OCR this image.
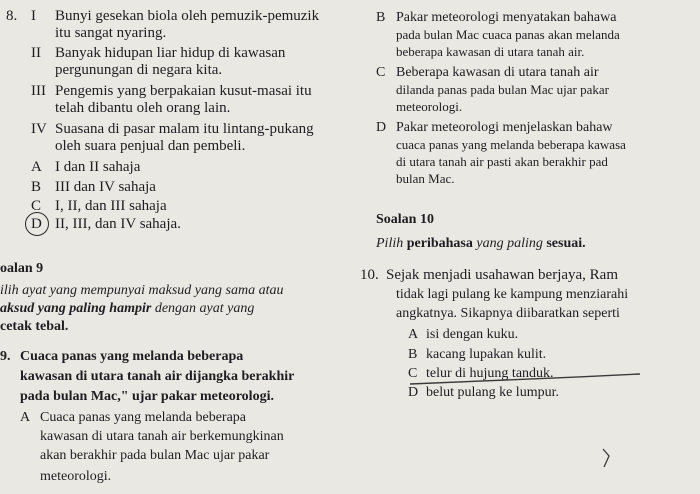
8. I Bunyi gesekan biola oleh pemuzik-pemuzik
itu sangat nyaring.
II Banyak hidupan liar hidup di kawasan
pergunungan di negara kita.
III Pengemis yang berpakaian kusut-masai itu
telah dibantu oleh orang lain.
IV Suasana di pasar malam itu lintang-pukang
oleh suara penjual dan pembeli.
A I dan II sahaja
B III dan IV sahaja
C I, II, dan III sahaja
D II, III, dan IV sahaja.
oalan 9
ilih ayat yang mempunyai maksud yang sama atau
aksud yang paling hampir dengan ayat yang
cetak tebal.
9. Cuaca panas yang melanda beberapa
kawasan di utara tanah air dijangka berakhir
pada bulan Mac," ujar pakar meteorologi.
A Cuaca panas yang melanda beberapa
kawasan di utara tanah air berkemungkinan
akan berakhir pada bulan Mac ujar pakar
meteorologi.
B Pakar meteorologi menyatakan bahawa
pada bulan Mac cuaca panas akan melanda
beberapa kawasan di utara tanah air.
C Beberapa kawasan di utara tanah air
dilanda panas pada bulan Mac ujar pakar
meteorologi.
D Pakar meteorologi menjelaskan bahaw
cuaca panas yang melanda beberapa kawasa
di utara tanah air pasti akan berakhir pad
bulan Mac.
Soalan 10
Pilih peribahasa yang paling sesuai.
10. Sejak menjadi usahawan berjaya, Ram
tidak lagi pulang ke kampung menziarahi
angkatnya. Sikapnya diibaratkan seperti
A isi dengan kuku.
B kacang lupakan kulit.
C telur di hujung tanduk.
D belut pulang ke lumpur.
